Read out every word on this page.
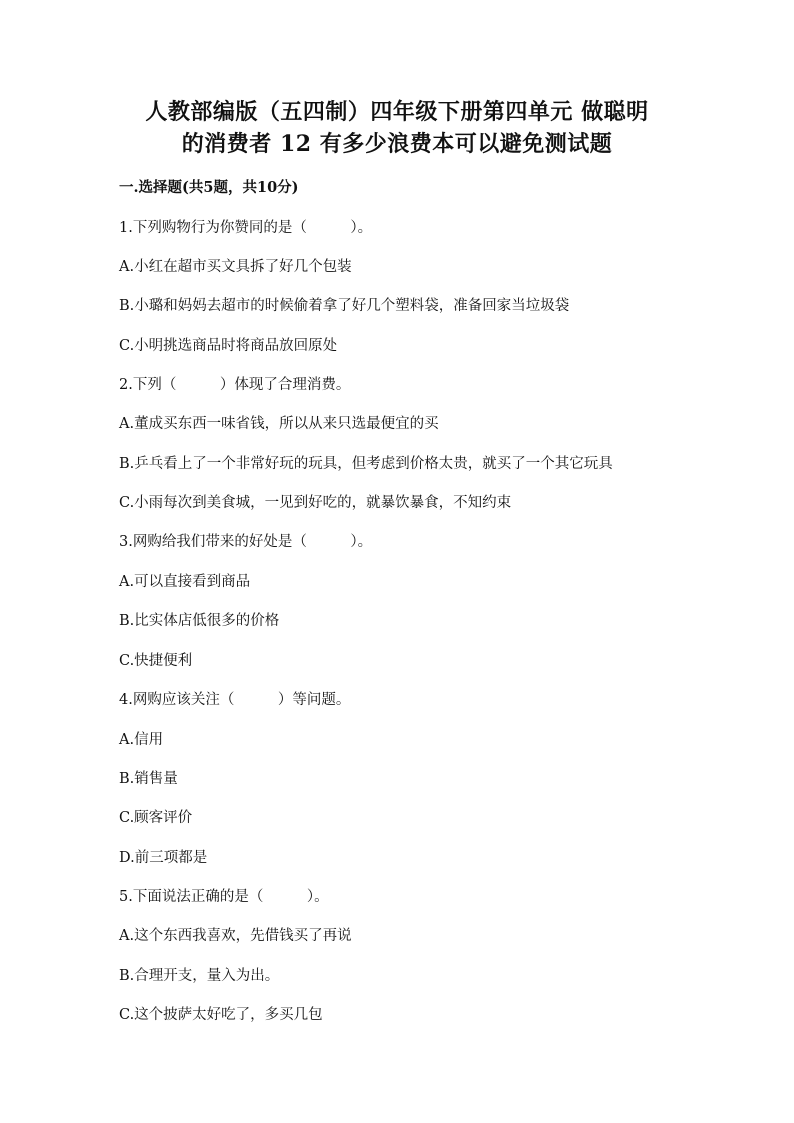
人教部编版（五四制）四年级下册第四单元 做聪明
的消费者 12 有多少浪费本可以避免测试题
一.选择题(共5题，共10分)
1.下列购物行为你赞同的是（　　　）。
A.小红在超市买文具拆了好几个包装
B.小璐和妈妈去超市的时候偷着拿了好几个塑料袋，准备回家当垃圾袋
C.小明挑选商品时将商品放回原处
2.下列（　　　）体现了合理消费。
A.董成买东西一味省钱，所以从来只选最便宜的买
B.乒乓看上了一个非常好玩的玩具，但考虑到价格太贵，就买了一个其它玩具
C.小雨每次到美食城，一见到好吃的，就暴饮暴食，不知约束
3.网购给我们带来的好处是（　　　）。
A.可以直接看到商品
B.比实体店低很多的价格
C.快捷便利
4.网购应该关注（　　　）等问题。
A.信用
B.销售量
C.顾客评价
D.前三项都是
5.下面说法正确的是（　　　）。
A.这个东西我喜欢，先借钱买了再说
B.合理开支，量入为出。
C.这个披萨太好吃了，多买几包
